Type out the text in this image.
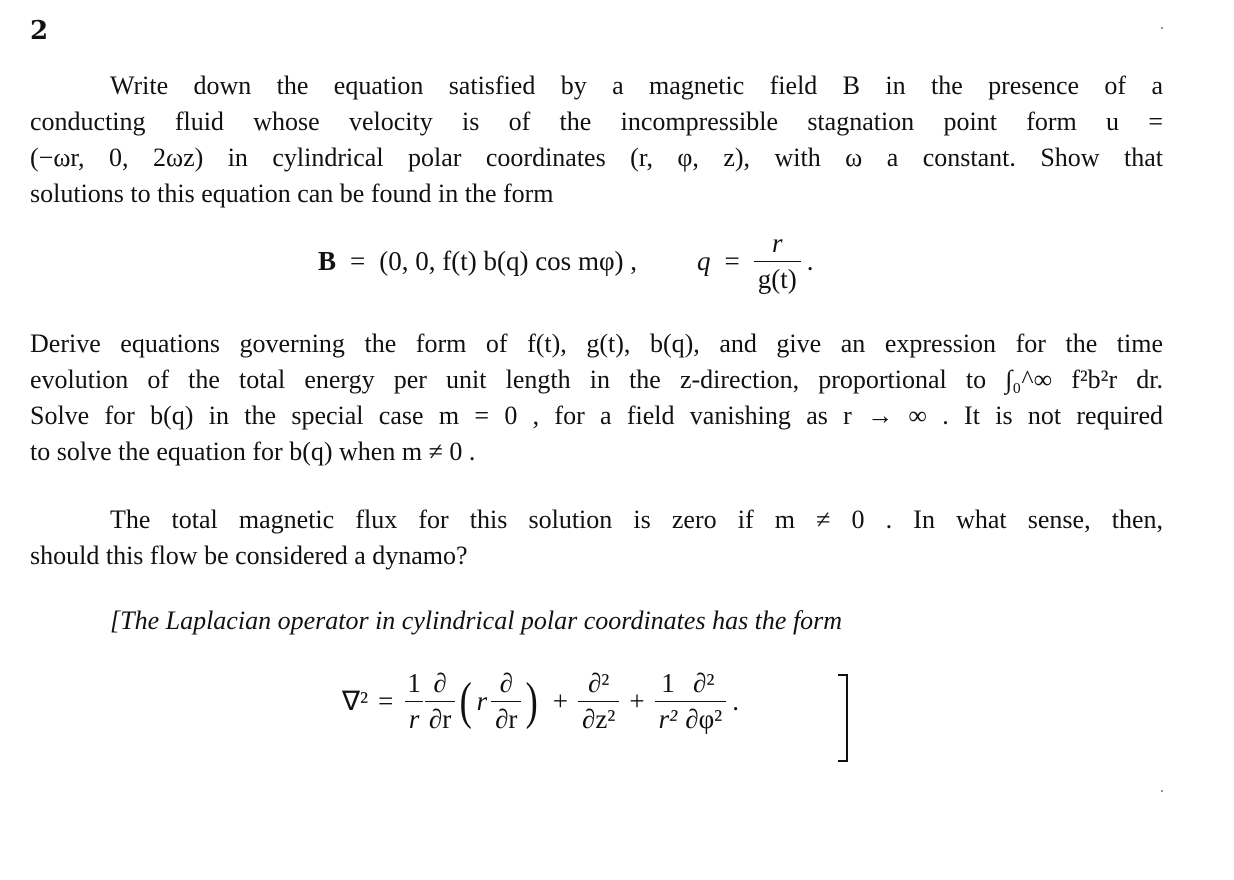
2
Write down the equation satisfied by a magnetic field B in the presence of a
conducting fluid whose velocity is of the incompressible stagnation point form u =
(−ωr, 0, 2ωz) in cylindrical polar coordinates (r, φ, z), with ω a constant. Show that
solutions to this equation can be found in the form
B = (0, 0, f(t) b(q) cos mφ) , $q = \frac{r}{g(t)}$ .
Derive equations governing the form of f(t), g(t), b(q), and give an expression for the time
evolution of the total energy per unit length in the z-direction, proportional to ∫₀^∞ f²b²r dr.
Solve for b(q) in the special case m = 0 , for a field vanishing as r → ∞ . It is not required
to solve the equation for b(q) when m ≠ 0 .
The total magnetic flux for this solution is zero if m ≠ 0 . In what sense, then,
should this flow be considered a dynamo?
[The Laplacian operator in cylindrical polar coordinates has the form
$\nabla^2 = \frac{1}{r} \frac{\partial}{\partial r}$ ( r $\frac{\partial}{\partial r}$ ) + $\frac{\text{∂²}}{\text{∂z²}} + \frac{1}{\text{r²}} \frac{\text{∂²}}{\text{∂φ²}}$ .
